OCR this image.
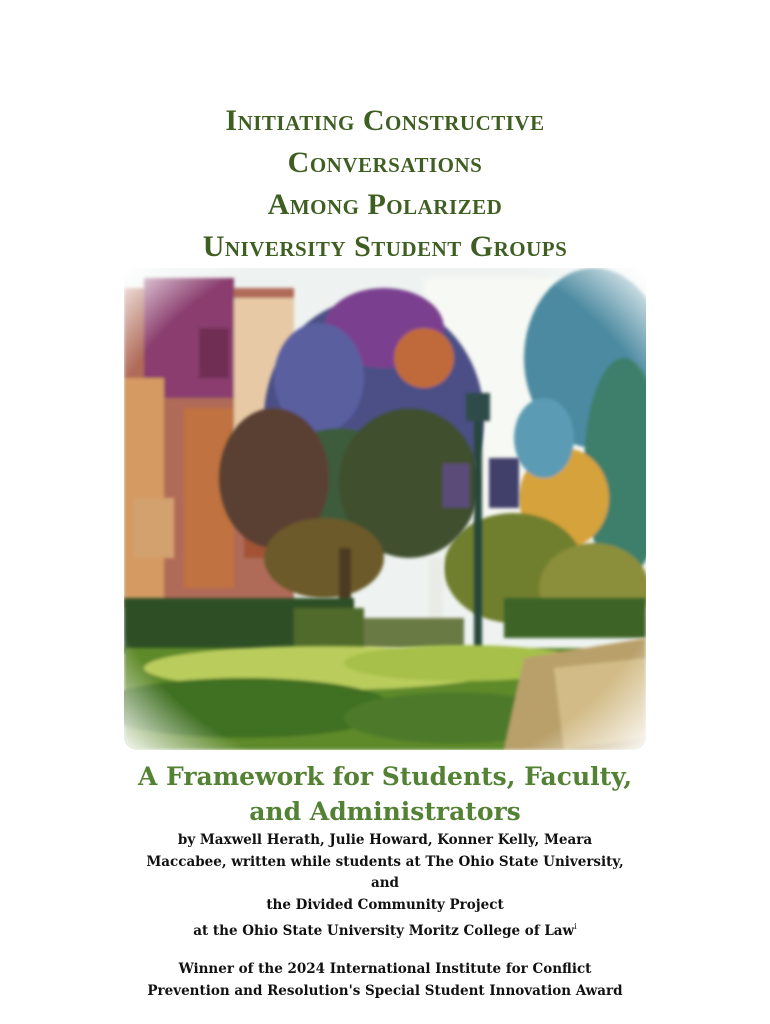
Initiating Constructive
Conversations
Among Polarized
University Student Groups
A Framework for Students, Faculty,
and Administrators
by Maxwell Herath, Julie Howard, Konner Kelly, Meara
Maccabee, written while students at The Ohio State University,
and
the Divided Community Project
at the Ohio State University Moritz College of Law$^i$
Winner of the 2024 International Institute for Conflict
Prevention and Resolution's Special Student Innovation Award
